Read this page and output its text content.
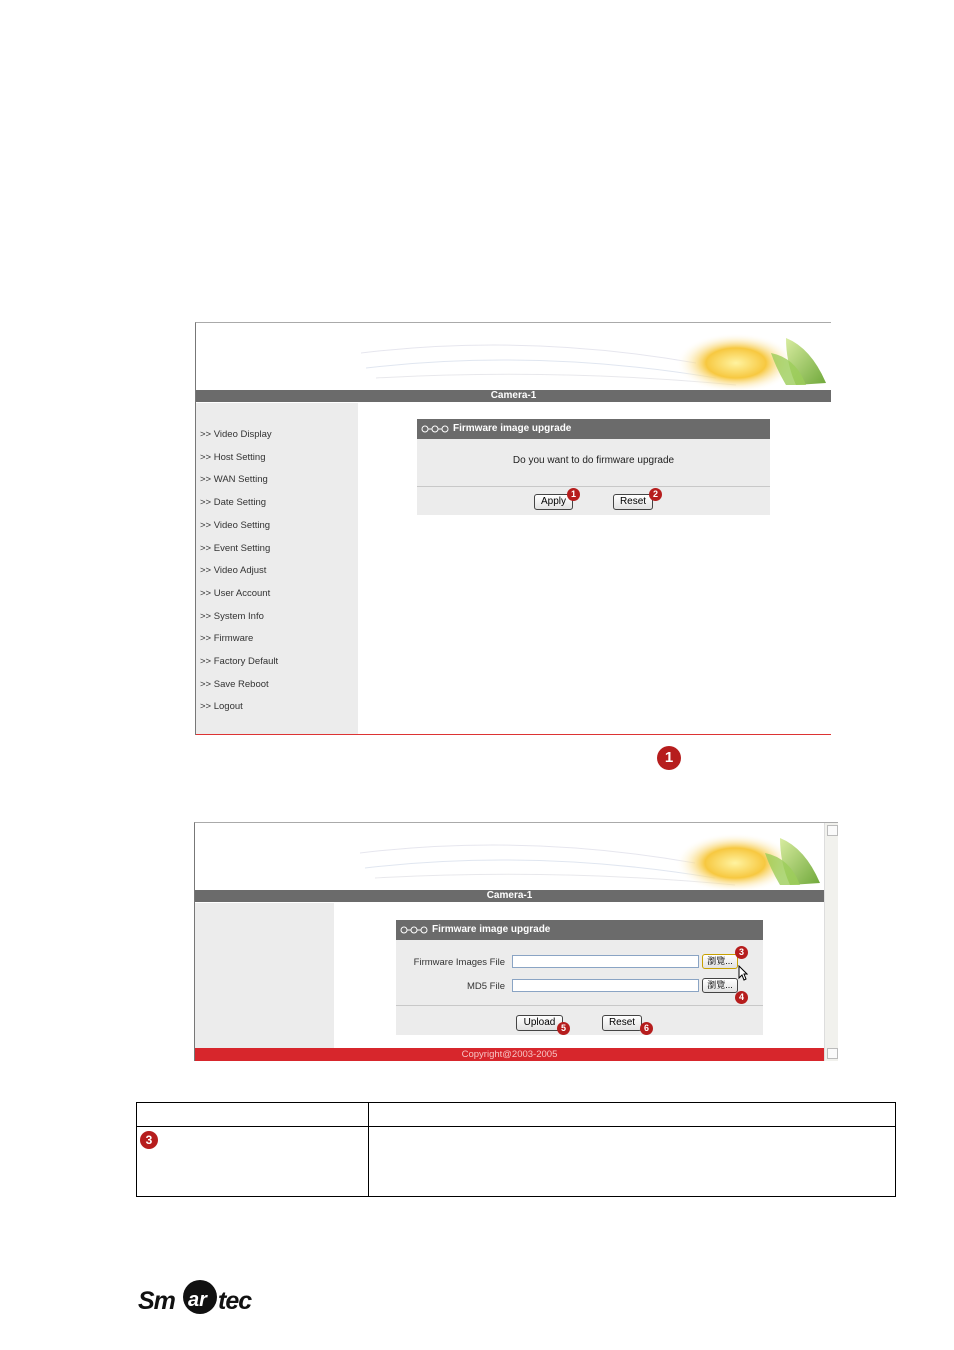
Camera-1
>> Video Display
>> Host Setting
>> WAN Setting
>> Date Setting
>> Video Setting
>> Event Setting
>> Video Adjust
>> User Account
>> System Info
>> Firmware
>> Factory Default
>> Save Reboot
>> Logout
Firmware image upgrade
Do you want to do firmware upgrade
Apply
1
Reset
2
1
Camera-1
Firmware image upgrade
Firmware Images File	瀏覽...
3
MD5 File	瀏覽...
4
Upload 5	Reset 6
Copyright@2003-2005
3
Sm ar tec
